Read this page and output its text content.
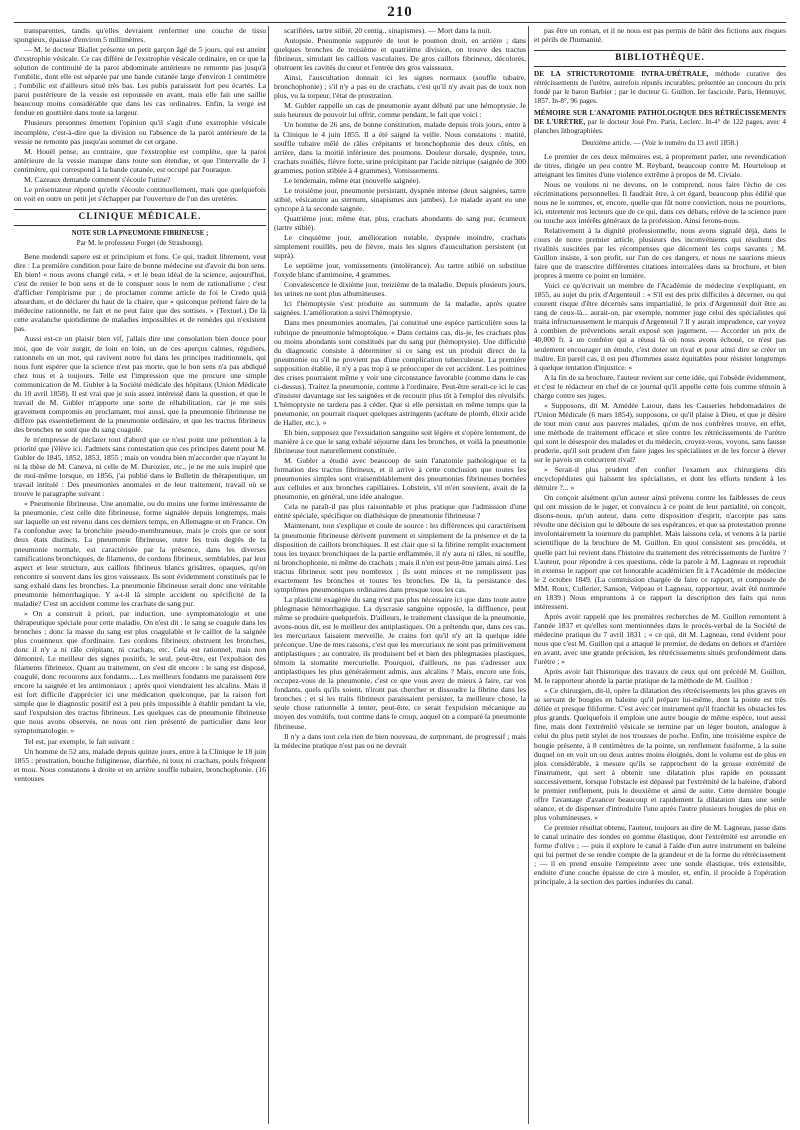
210

transparentes, tandis qu'elles devraient renfermer une couche de tissu spongieux, épaisse d'environ 5 millimètres.

— M. le docteur Biallet présente un petit garçon âgé de 5 jours, qui est atteint d'exstrophie vésicale. Ce cas diffère de l'exstrophie vésicale ordinaire, en ce que la solution de continuité de la paroi abdominale antérieure ne remonte pas jusqu'à l'ombilic, dont elle est séparée par une bande cutanée large d'environ 1 centimètre ; l'ombilic est d'ailleurs situé très bas. Les pubis paraissent fort peu écartés. La paroi postérieure de la vessie est repoussée en avant, mais elle fait une saillie beaucoup moins considérable que dans les cas ordinaires. Enfin, la verge est fendue en gouttière dans toute sa largeur.

Plusieurs personnes émettent l'opinion qu'il s'agit d'une exstrophie vésicale incomplète, c'est-à-dire que la division ou l'absence de la paroi antérieure de la vessie ne remonte pas jusqu'au sommet de cet organe.

M. Houël pense, au contraire, que l'exstrophie est complète, que la paroi antérieure de la vessie manque dans toute son étendue, et que l'intervalle de 1 centimètre, qui correspond à la bande cutanée, est occupé par l'ouraque.

M. Cazeaux demande comment s'écoule l'urine?

Le présentateur répond qu'elle s'écoule continuellement, mais que quelquefois on voit en outre un petit jet s'échapper par l'ouverture de l'un des uretères.

CLINIQUE MÉDICALE.
NOTE SUR LA PNEUMONIE FIBRINEUSE ;
Par M. le professeur Forget (de Strasbourg).

Bene medendi sapere est et principium et fons. Ce qui, traduit librement, veut dire : La première condition pour faire de bonne médecine est d'avoir du bon sens. Eh bien! « nous avons changé cela, » et le beau idéal de la science, aujourd'hui, c'est de renier le bon sens et de le conspuer sous le nom de rationalisme ; c'est d'afficher l'empirisme pur ; de proclamer comme article de foi le Credo quià absurdum, et de déclarer du haut de la chaire, que « quiconque prétend faire de la médecine rationnelle, ne fait et ne peut faire que des sottises. » (Textuel.) De là cette avalanche quotidienne de maladies impossibles et de remèdes qui n'existent pas.

Aussi est-ce un plaisir bien vif, j'allais dire une consolation bien douce pour moi, que de voir surgir, de loin en loin, un de ces aperçus calmes, réguliers, rationnels en un mot, qui ravivent notre foi dans les principes traditionnels, qui nous font espérer que la science n'est pas morte, que le bon sens n'a pas abdiqué chez tous et à toujours. Telle est l'impression que me procure une simple communication de M. Gubler à la Société médicale des hôpitaux (Union Médicale du 10 avril 1858). Il est vrai que je suis assez intéressé dans la question, et que le travail de M. Gubler m'apporte une sorte de réhabilitation, car je me suis gravement compromis en proclamant, moi aussi, que la pneumonie fibrineuse ne diffère pas essentiellement de la pneumonie ordinaire, et que les tractus fibrineux des bronches ne sont que du sang coagulé.

Je m'empresse de déclarer tout d'abord que ce n'est point une prétention à la priorité que j'élève ici. J'admets sans contestation que ces principes datent pour M. Gubler de 1845, 1852, 1853, 1855 ; mais on voudra bien m'accorder que n'ayant lu ni la thèse de M. Caneva, ni celle de M. Duroziez, etc., je ne me suis inspiré que de moi-même lorsque, en 1856, j'ai publié dans le Bulletin de thérapeutique, un travail intitulé : Des pneumonies anomales et de leur traitement, travail où se trouve le paragraphe suivant :

« Pneumonie fibrineuse. Une anomalie, ou du moins une forme intéressante de la pneumonie, c'est celle dite fibrineuse, forme signalée depuis longtemps, mais sur laquelle on est revenu dans ces derniers temps, en Allemagne et en France. On l'a confondue avec la bronchite pseudo-membraneuse, mais je crois que ce sont deux états distincts. La pneumonie fibrineuse, outre les trois degrés de la pneumonie normale, est caractérisée par la présence, dans les diverses ramifications bronchiques, de filaments, de cordons fibrineux, semblables, par leur aspect et leur structure, aux caillots fibrineux blancs grisâtres, opaques, qu'on rencontre si souvent dans les gros vaisseaux. Ils sont évidemment constitués par le sang exhalé dans les bronches. La pneumonie fibrineuse serait donc une véritable pneumonie hémorrhagique. Y a-t-il là simple accident ou spécificité de la maladie? C'est un accident comme les crachats de sang pur.

» On a construit à priori, par induction, une symptomatologie et une thérapeutique spéciale pour cette maladie. On n'est dit : le sang se coagule dans les bronches ; donc la masse du sang est plus coagulable et le caillot de la saignée plus couenneux que d'ordinaire. Les cordons fibrineux obstruent les bronches, donc il n'y a ni râle crépitant, ni crachats, etc. Cela est rationnel, mais non démontré. Le meilleur des signes positifs, le seul, peut-être, est l'expulsion des filaments fibrineux. Quant au traitement, on s'est dit encore : le sang est disposé, coagulé, donc recourons aux fondants.... Les meilleurs fondants me paraissent être encore la saignée et les antimoniaux ; après quoi viendraient les alcalins. Mais il est fort difficile d'apprécier ici une médication quelconque, par la raison fort simple que le diagnostic positif est à peu près impossible à établir pendant la vie, sauf l'expulsion des tractus fibrineux. Les quelques cas de pneumonie fibrineuse que nous avons observés, ne nous ont rien présenté de particulier dans leur symptomatologie. »

Tel est, par exemple, le fait suivant :

Un homme de 52 ans, malade depuis quinze jours, entre à la Clinique le 18 juin 1855 : prostration, bouche fuligineuse, diarrhée, ni toux ni crachats, pouls fréquent et mou. Nous constatons à droite et en arrière souffle tubaire, bronchophonie. (16 ventouses

scarifiées, tartre stibié, 20 centig., sinapismes). — Mort dans la nuit.

Autopsie. Pneumonie suppurée de tout le poumon droit, en arrière ; dans quelques bronches de troisième et quatrième division, on trouve des tractus fibrineux, simulant les caillots vasculaires. De gros caillots fibrineux, décolorés, obstruent les cavités du cœur et l'entrée des gros vaisseaux.

Ainsi, l'auscultation donnait ici les signes normaux (souffle tubaire, bronchophonie) ; s'il n'y a pas eu de crachats, c'est qu'il n'y avait pas de toux non plus, vu la torpeur, l'état de prostration.

M. Gubler rappelle un cas de pneumonie ayant débuté par une hémoptysie. Je suis heureux de pouvoir lui offrir, comme pendant, le fait que voici :

Un homme de 26 ans, de bonne constitution, malade depuis trois jours, entre à la Clinique le 4 juin 1855. Il a été saigné la veille. Nous constatons : matité, souffle tubaire mêlé de râles crépitants et bronchophonie des deux côtés, en arrière, dans la moitié inférieure des poumons. Douleur dorsale, dyspnée, toux, crachats rouillés, fièvre forte, urine précipitant par l'acide nitrique (saignée de 300 grammes, potion stibiée à 4 grammes). Vomissements.

Le lendemain, même état (nouvelle saignée).

Le troisième jour, pneumonie persistant, dyspnée intense (deux saignées, tartre stibié, vésicatoire au sternum, sinapismes aux jambes). Le malade ayant eu une syncope à la seconde saignée.

Quatrième jour, même état, plus, crachats abondants de sang pur, écumeux (tartre stibié).

Le cinquième jour, amélioration notable, dyspnée moindre, crachats simplement rouillés, peu de fièvre, mais les signes d'auscultation persistent (ut suprà).

Le septième jour, vomissements (intolérance). Au tartre stibié on substitue l'oxyde blanc d'antimoine, 4 grammes.

Convalescence le dixième jour, treizième de la maladie. Depuis plusieurs jours, les urines ne sont plus albumineuses.

Ici l'hémoptysie s'est produite au summum de la maladie, après quatre saignées. L'amélioration a suivi l'hémoptysie.

Dans mes pneumonies anomales, j'ai constitué une espèce particulière sous la rubrique de pneumonie hémoptoïque. « Dans certains cas, dis-je, les crachats plus ou moins abondants sont constitués par du sang pur (hémoptysie). Une difficulté du diagnostic consiste à déterminer si ce sang est un produit direct de la pneumonie ou s'il ne provient pas d'une complication tuberculeuse. La première supposition établie, il n'y a pas trop à se préoccuper de cet accident. Les poitrines des crises pourraient même y voir une circonstance favorable (comme dans le cas ci-dessus). Traitez la pneumonie, comme à l'ordinaire. Peut-être serait-ce ici le cas d'insister davantage sur les saignées et de recourir plus tôt à l'emploi des révulsifs. L'hémoptysie ne tardera pas à céder. Que si elle persistait en même temps que la pneumonie, on pourrait risquer quelques astringents (acétate de plomb, élixir acide de Haller, etc.). »

Eh bien, supposez que l'exsudation sanguine soit légère et s'opère lentement, de manière à ce que le sang exhalé séjourne dans les bronches, et voilà la pneumonie fibrineuse tout naturellement constituée.

M. Gubler a étudié avec beaucoup de soin l'anatomie pathologique et la formation des tractus fibrineux, et il arrive à cette conclusion que toutes les pneumonies simples sont vraisemblablement des pneumonies fibrineuses bornées aux cellules et aux bronches capillaires. Lobstein, s'il m'en souvient, avait de la pneumonie, en général, une idée analogue.

Cela ne paraît-il pas plus raisonnable et plus pratique que l'admission d'une entité spéciale, spécifique ou diathésique de pneumonie fibrineuse ?

Maintenant, tout s'explique et coule de source : les différences qui caractérisent la pneumonie fibrineuse dérivent purement et simplement de la présence et de la disposition de caillots bronchiques. Il est clair que si la fibrine remplit exactement tous les tuyaux bronchiques de la partie enflammée, il n'y aura ni râles, ni souffle, ni bronchophonie, ni même de crachats ; mais il n'en est peut-être jamais ainsi. Les tractus fibrineux sont peu nombreux ; ils sont minces et ne remplissent pas exactement les bronches et toutes les bronches. De là, la persistance des symptômes pneumoniques ordinaires dans presque tous les cas.

La plasticité exagérée du sang n'est pas plus nécessaire ici que dans toute autre phlegmasie hémorrhagique. La dyscrasie sanguine opposée, la diffluence, peut même se produire quelquefois. D'ailleurs, le traitement classique de la pneumonie, avons-nous dit, est le meilleur des antiplastiques. On a prétendu que, dans ces cas, les mercuriaux faisaient merveille. Je crains fort qu'il n'y ait là quelque idée préconçue. Une de mes raisons, c'est que les mercuriaux ne sont pas primitivement antiplastiques ; au contraire, ils produisent bel et bien des phlegmasies plastiques, témoin la stomatite mercurielle. Pourquoi, d'ailleurs, ne pas s'adresser aux antiplastiques les plus généralement admis, aux alcalins ? Mais, encore une fois, occupez-vous de la pneumonie, c'est ce que vous avez de mieux à faire, car vos fondants, quels qu'ils soient, n'iront pas chercher et dissoudre la fibrine dans les bronches ; et si les traits fibrineux paraissaient persister, la meilleure chose, la seule chose rationnelle à tenter, peut-être, ce serait l'expulsion mécanique au moyen des vomitifs, tout comme dans le croup, auquel on a comparé la pneumonie fibrineuse.

Il n'y a dans tout cela rien de bien nouveau, de surprenant, de progressif ; mais la médecine pratique n'est pas ou ne devrait

pas être un roman, et il ne nous est pas permis de bâtir des fictions aux risques et périls de l'humanité.

BIBLIOTHÈQUE.

DE LA STRICTUROTOMIE INTRA-URÉTRALE, méthode curative des rétrécissements de l'urètre, autrefois réputés incurables, présentée au concours du prix fondé par le baron Barbier ; par le docteur G. Guillon. Ier fascicule. Paris, Hennuyer, 1857. In-8°, 96 pages.

MÉMOIRE SUR L'ANATOMIE PATHOLOGIQUE DES RÉTRÉCISSEMENTS DE L'URÈTRE, par le docteur José Pro. Paris, Leclerc. In-4° de 122 pages, avec 4 planches lithographiées.

Deuxième article. — (Voir le numéro du 13 avril 1858.)

Le premier de ces deux mémoires est, à proprement parler, une revendication de titres, dirigée un peu contre M. Reybard, beaucoup contre M. Heurteloup et atteignant les limites d'une violence extrême à propos de M. Civiale.

Nous ne voulons ni ne devons, on le comprend, nous faire l'écho de ces récriminations personnelles. Il faudrait être, à cet égard, beaucoup plus édifié que nous ne le sommes, et, encore, quelle que fût notre conviction, nous ne pourrions, ici, entretenir nos lecteurs que de ce qui, dans ces débats, relève de la science pure ou touche aux intérêts généraux de la profession. Ainsi ferons-nous.

Relativement à la dignité professionnelle, nous avons signalé déjà, dans le cours de notre premier article, plusieurs des inconvénients qui résultent des rivalités suscitées par les récompenses que décernent les corps savants ; M. Guillon insiste, à son profit, sur l'un de ces dangers, et nous ne saurions mieux faire que de transcrire différentes citations intercalées dans sa brochure, et bien propres à mettre ce point en lumière.

Voici ce qu'écrivait un membre de l'Académie de médecine s'expliquant, en 1855, au sujet du prix d'Argenteuil : « S'il est des prix difficiles à décerner, ou qui courent risque d'être décernés sans impartialité, le prix d'Argenteuil doit être au rang de ceux-là... aurait-on, par exemple, nommer juge celui des spécialistes qui traita infructueusement le marquis d'Argenteuil ? Il y aurait imprudence, car voyez à combien de préventions serait exposé son jugement. — Accorder un prix de 40,000 fr. à un confrère qui a réussi là où nous avons échoué, ce n'est pas seulement encourager un émule, c'est doter un rival et pour ainsi dire se créer un maître. En pareil cas, il est peu d'hommes assez équitables pour résister longtemps à quelque tentation d'injustice. »

A la fin de sa brochure, l'auteur revient sur cette idée, qui l'obsède évidemment, et c'est le rédacteur en chef de ce journal qu'il appelle cette fois comme témoin à charge contre ses juges.

« Supposons, dit M. Amédée Latour, dans les Causeries hebdomadaires de l'Union Médicale (6 mars 1854), supposons, ce qu'il plaise à Dieu, et que je désire de tout mon cœur aux pauvres malades, qu'un de nos confrères trouve, en effet, une méthode de traitement efficace et sûre contre les rétrécissements de l'urètre qui sont le désespoir des malades et du médecin, croyez-vous, voyons, sans fausse pruderie, qu'il soit prudent d'en faire juges les spécialistes et de les forcer à élever sur le pavois un concurrent rival?

» Serait-il plus prudent d'en confier l'examen aux chirurgiens dits encyclopédistes qui haïssent les spécialistes, et dont les efforts tendent à les détruire ?... »

On conçoit aisément qu'un auteur ainsi prévenu contre les faiblesses de ceux qui ont mission de le juger, et convaincu à ce point de leur partialité, on conçoit, disons-nous, qu'un auteur, dans cette disposition d'esprit, n'accepte pas sans révolte une décision qui le déboute de ses espérances, et que sa protestation prenne involontairement la tournure du pamphlet. Mais laissons cela, et venons à la partie scientifique de la brochure de M. Guillon. En quoi consistent ses procédés, et quelle part lui revient dans l'histoire du traitement des rétrécissements de l'urètre ? L'auteur, pour répondre à ces questions, cède la parole à M. Lagneau et reproduit in extenso le rapport que cet honorable académicien fit à l'Académie de médecine le 2 octobre 1849. (La commission chargée de faire ce rapport, et composée de MM. Roux, Cullerier, Sanson, Velpeau et Lagneau, rapporteur, avait été nommée en 1839.) Nous empruntons à ce rapport la description des faits qui nous intéressent.

Après avoir rappelé que les premières recherches de M. Guillon remontent à l'année 1837 et qu'elles sont mentionnées dans le procès-verbal de la Société de médecine pratique du 7 avril 1831 ; « ce qui, dit M. Lagneau, rend évident pour nous que c'est M. Guillon qui a attaqué le premier, de dedans en dehors et d'arrière en avant, avec une grande précision, les rétrécissements situés profondément dans l'urètre ; »

Après avoir fait l'historique des travaux de ceux qui ont précédé M. Guillon, M. le rapporteur aborde la partie pratique de la méthode de M. Guillon :

« Ce chirurgien, dit-il, opère la dilatation des rétrécissements les plus graves en se servant de bougies en baleine qu'il prépare lui-même, dont la pointe est très déliée et presque filiforme. C'est avec cet instrument qu'il franchit les obstacles les plus grands. Quelquefois il emploie une autre bougie de même espèce, tout aussi fine, mais dont l'extrémité vésicale se termine par un léger bouton, analogue à celui du plus petit stylet de nos trousses de poche. Enfin, une troisième espèce de bougie présente, à 8 centimètres de la pointe, un renflement fusiforme, à la suite duquel on en voit un ou deux autres moins éloignés, dont le volume est de plus en plus considérable, à mesure qu'ils se rapprochent de la grosse extrémité de l'instrument, qui sert à obtenir une dilatation plus rapide en poussant successivement, lorsque l'obstacle est dépassé par l'extrémité de la baleine, d'abord le premier renflement, puis le deuxième et ainsi de suite. Cette dernière bougie offre l'avantage d'avancer beaucoup et rapidement la dilatation dans une seule séance, et de dispenser d'introduire l'une après l'autre plusieurs bougies de plus en plus volumineuses. »

Ce premier résultat obtenu, l'auteur, toujours au dire de M. Lagneau, passe dans le canal urinaire des sondes en gomme élastique, dont l'extrémité est arrondie en forme d'olive ; — puis il explore le canal à l'aide d'un autre instrument en baleine qui lui permet de se rendre compte de la grandeur et de la forme du rétrécissement ; — il en prend ensuite l'empreinte avec une sonde élastique, très extensible, enduite d'une couche épaisse de cire à mouler, et, enfin, il procède à l'opération principale, à la section des parties indurées du canal.
